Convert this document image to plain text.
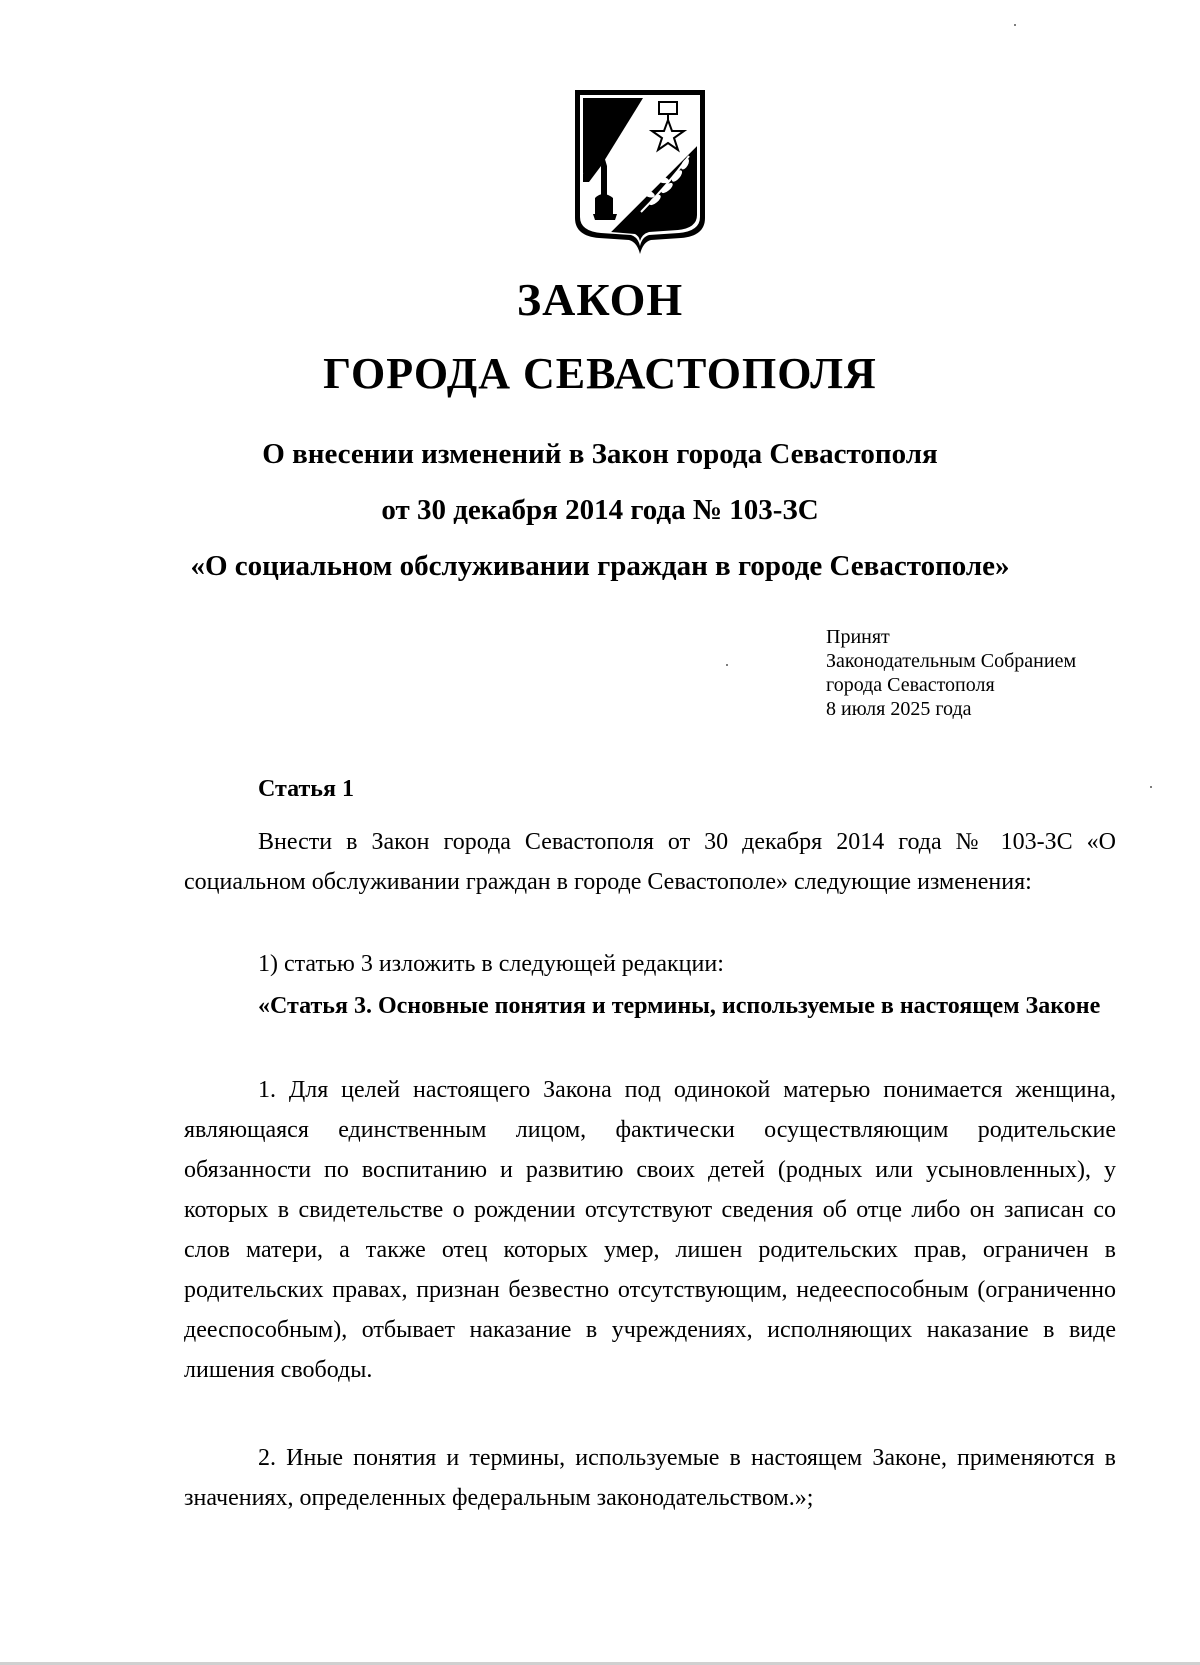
ЗАКОН
ГОРОДА СЕВАСТОПОЛЯ
О внесении изменений в Закон города Севастополя
от 30 декабря 2014 года № 103-ЗС
«О социальном обслуживании граждан в городе Севастополе»
Принят
Законодательным Собранием
города Севастополя
8 июля 2025 года
Статья 1
Внести в Закон города Севастополя от 30 декабря 2014 года № 103-ЗС «О социальном обслуживании граждан в городе Севастополе» следующие изменения:
1) статью 3 изложить в следующей редакции:
«Статья 3. Основные понятия и термины, используемые в настоящем Законе
1. Для целей настоящего Закона под одинокой матерью понимается женщина, являющаяся единственным лицом, фактически осуществляющим родительские обязанности по воспитанию и развитию своих детей (родных или усыновленных), у которых в свидетельстве о рождении отсутствуют сведения об отце либо он записан со слов матери, а также отец которых умер, лишен родительских прав, ограничен в родительских правах, признан безвестно отсутствующим, недееспособным (ограниченно дееспособным), отбывает наказание в учреждениях, исполняющих наказание в виде лишения свободы.
2. Иные понятия и термины, используемые в настоящем Законе, применяются в значениях, определенных федеральным законодательством.»;
